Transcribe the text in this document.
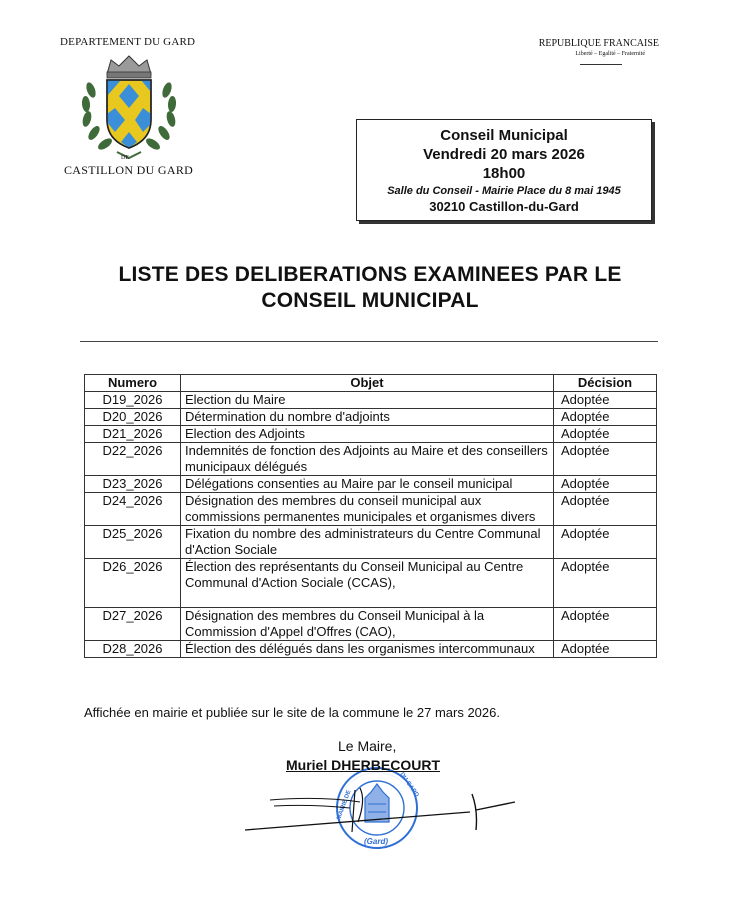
DEPARTEMENT DU GARD
DE
CASTILLON DU GARD
REPUBLIQUE FRANCAISE
Liberté – Egalité – Fraternité
Conseil Municipal
Vendredi 20 mars 2026
18h00
Salle du Conseil - Mairie Place du 8 mai 1945
30210 Castillon-du-Gard
LISTE DES DELIBERATIONS EXAMINEES PAR LE
CONSEIL MUNICIPAL
Numero	Objet	Décision
D19_2026	Election du Maire	Adoptée
D20_2026	Détermination du nombre d'adjoints	Adoptée
D21_2026	Election des Adjoints	Adoptée
D22_2026	Indemnités de fonction des Adjoints au Maire et des conseillers municipaux délégués	Adoptée
D23_2026	Délégations consenties au Maire par le conseil municipal	Adoptée
D24_2026	Désignation des membres du conseil municipal aux commissions permanentes municipales et organismes divers	Adoptée
D25_2026	Fixation du nombre des administrateurs du Centre Communal d'Action Sociale	Adoptée
D26_2026	Élection des représentants du Conseil Municipal au Centre Communal d'Action Sociale (CCAS),	Adoptée
D27_2026	Désignation des membres du Conseil Municipal à la Commission d'Appel d'Offres (CAO),	Adoptée
D28_2026	Élection des délégués dans les organismes intercommunaux	Adoptée
Affichée en mairie et publiée sur le site de la commune le 27 mars 2026.
Le Maire,
(Gard)
MAIRIE DE
DU-GARD
Muriel DHERBECOURT
